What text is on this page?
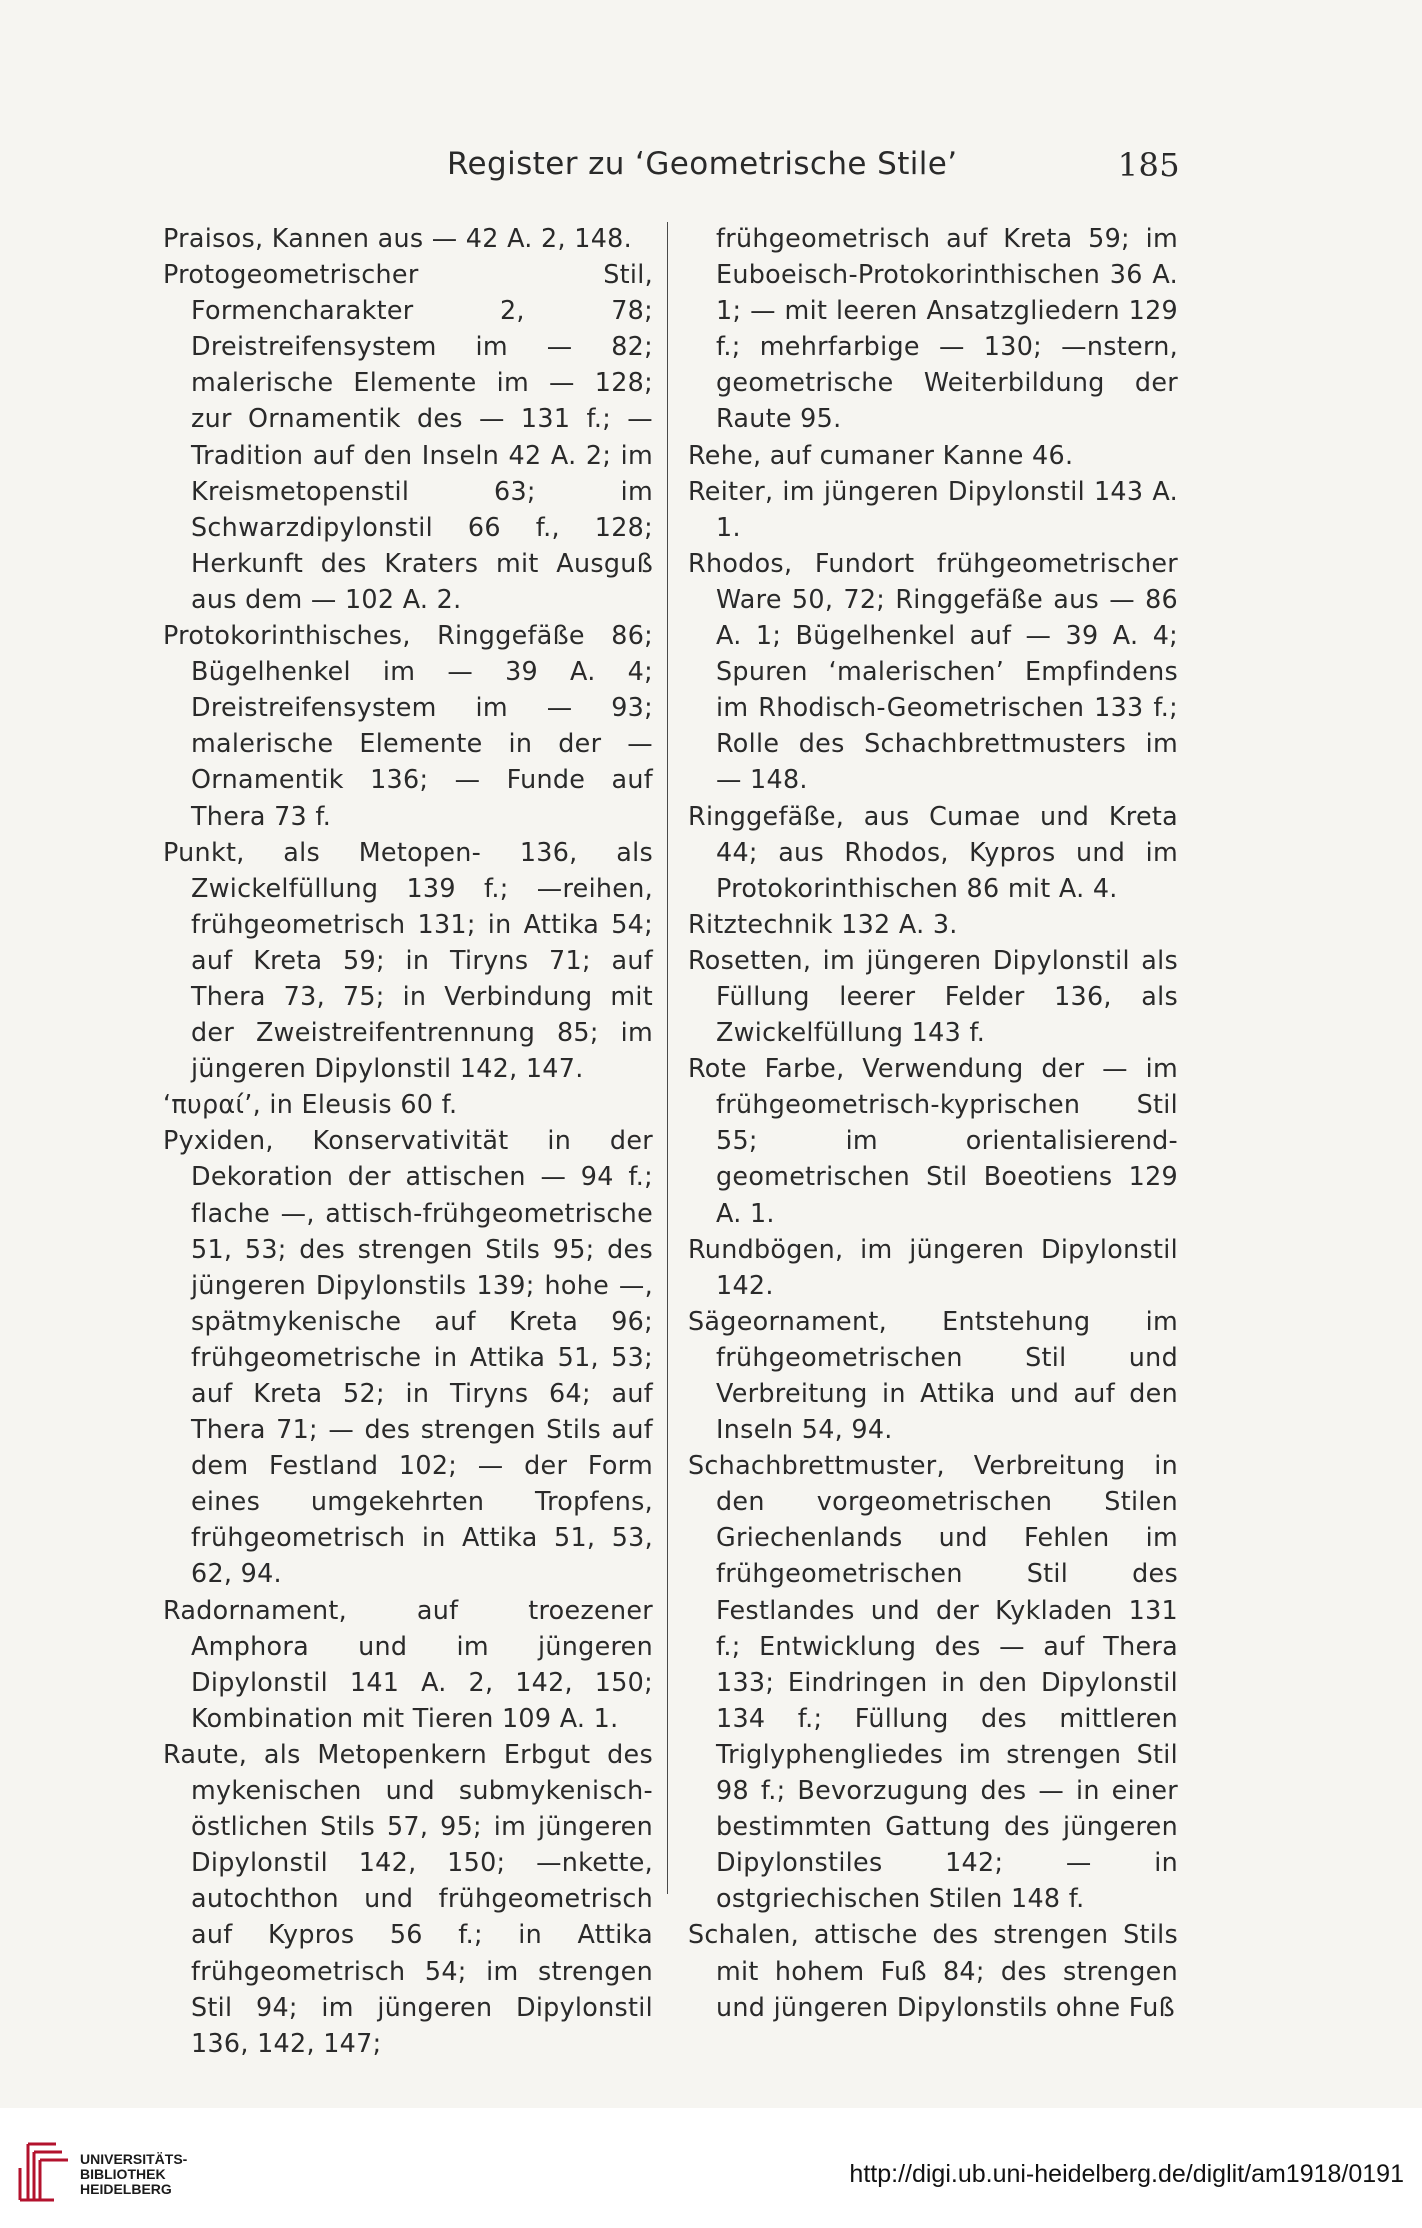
Register zu ‘Geometrische Stile’	185

Praisos, Kannen aus — 42 A. 2, 148.

Protogeometrischer Stil, Formencharakter 2, 78; Dreistreifensystem im — 82; malerische Elemente im — 128; zur Ornamentik des — 131 f.; — Tradition auf den Inseln 42 A. 2; im Kreismetopenstil 63; im Schwarzdipylonstil 66 f., 128; Herkunft des Kraters mit Ausguß aus dem — 102 A. 2.

Protokorinthisches, Ringgefäße 86; Bügelhenkel im — 39 A. 4; Dreistreifensystem im — 93; malerische Elemente in der — Ornamentik 136; — Funde auf Thera 73 f.

Punkt, als Metopen- 136, als Zwickelfüllung 139 f.; —reihen, frühgeometrisch 131; in Attika 54; auf Kreta 59; in Tiryns 71; auf Thera 73, 75; in Verbindung mit der Zweistreifentrennung 85; im jüngeren Dipylonstil 142, 147.

‘πυραί’, in Eleusis 60 f.

Pyxiden, Konservativität in der Dekoration der attischen — 94 f.; flache —, attisch-frühgeometrische 51, 53; des strengen Stils 95; des jüngeren Dipylonstils 139; hohe —, spätmykenische auf Kreta 96; frühgeometrische in Attika 51, 53; auf Kreta 52; in Tiryns 64; auf Thera 71; — des strengen Stils auf dem Festland 102; — der Form eines umgekehrten Tropfens, frühgeometrisch in Attika 51, 53, 62, 94.

Radornament, auf troezener Amphora und im jüngeren Dipylonstil 141 A. 2, 142, 150; Kombination mit Tieren 109 A. 1.

Raute, als Metopenkern Erbgut des mykenischen und submykenisch-östlichen Stils 57, 95; im jüngeren Dipylonstil 142, 150; —nkette, autochthon und frühgeometrisch auf Kypros 56 f.; in Attika frühgeometrisch 54; im strengen Stil 94; im jüngeren Dipylonstil 136, 142, 147;

frühgeometrisch auf Kreta 59; im Euboeisch-Protokorinthischen 36 A. 1; — mit leeren Ansatzgliedern 129 f.; mehrfarbige — 130; —nstern, geometrische Weiterbildung der Raute 95.

Rehe, auf cumaner Kanne 46.

Reiter, im jüngeren Dipylonstil 143 A. 1.

Rhodos, Fundort frühgeometrischer Ware 50, 72; Ringgefäße aus — 86 A. 1; Bügelhenkel auf — 39 A. 4; Spuren ‘malerischen’ Empfindens im Rhodisch-Geometrischen 133 f.; Rolle des Schachbrettmusters im — 148.

Ringgefäße, aus Cumae und Kreta 44; aus Rhodos, Kypros und im Protokorinthischen 86 mit A. 4.

Ritztechnik 132 A. 3.

Rosetten, im jüngeren Dipylonstil als Füllung leerer Felder 136, als Zwickelfüllung 143 f.

Rote Farbe, Verwendung der — im frühgeometrisch-kyprischen Stil 55; im orientalisierend-geometrischen Stil Boeotiens 129 A. 1.

Rundbögen, im jüngeren Dipylonstil 142.

Sägeornament, Entstehung im frühgeometrischen Stil und Verbreitung in Attika und auf den Inseln 54, 94.

Schachbrettmuster, Verbreitung in den vorgeometrischen Stilen Griechenlands und Fehlen im frühgeometrischen Stil des Festlandes und der Kykladen 131 f.; Entwicklung des — auf Thera 133; Eindringen in den Dipylonstil 134 f.; Füllung des mittleren Triglyphengliedes im strengen Stil 98 f.; Bevorzugung des — in einer bestimmten Gattung des jüngeren Dipylonstiles 142; — in ostgriechischen Stilen 148 f.

Schalen, attische des strengen Stils mit hohem Fuß 84; des strengen und jüngeren Dipylonstils ohne Fuß

UNIVERSITÄTS-
BIBLIOTHEK
HEIDELBERG
http://digi.ub.uni-heidelberg.de/diglit/am1918/0191
